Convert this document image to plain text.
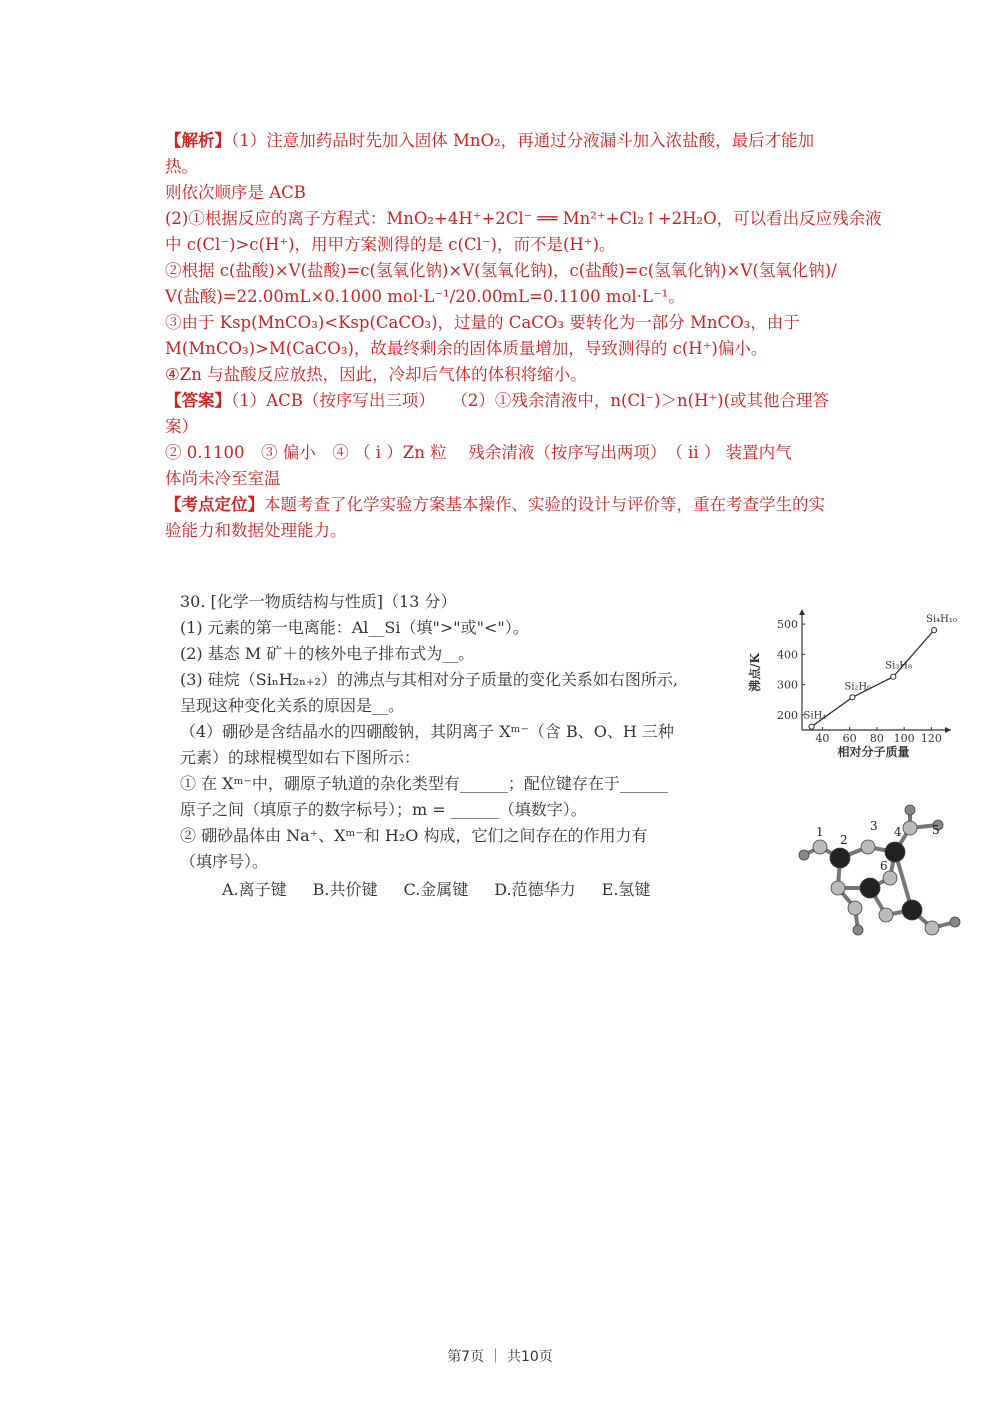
【解析】（1）注意加药品时先加入固体 MnO₂，再通过分液漏斗加入浓盐酸，最后才能加
热。
则依次顺序是 ACB
(2)①根据反应的离子方程式：MnO₂+4H⁺+2Cl⁻ ══ Mn²⁺+Cl₂↑+2H₂O，可以看出反应残余液
中 c(Cl⁻)>c(H⁺)，用甲方案测得的是 c(Cl⁻)，而不是(H⁺)。
②根据 c(盐酸)×V(盐酸)=c(氢氧化钠)×V(氢氧化钠)，c(盐酸)=c(氢氧化钠)×V(氢氧化钠)/
V(盐酸)=22.00mL×0.1000 mol·L⁻¹/20.00mL=0.1100 mol·L⁻¹。
③由于 Ksp(MnCO₃)<Ksp(CaCO₃)，过量的 CaCO₃ 要转化为一部分 MnCO₃，由于
M(MnCO₃)>M(CaCO₃)，故最终剩余的固体质量增加，导致测得的 c(H⁺)偏小。
④Zn 与盐酸反应放热，因此，冷却后气体的体积将缩小。
【答案】（1）ACB（按序写出三项）　　（2）①残余清液中，n(Cl⁻)＞n(H⁺)(或其他合理答
案）
② 0.1100　③ 偏小　④ （ i ）Zn 粒　 残余清液（按序写出两项）　（ ii ） 装置内气
体尚未冷至室温
【考点定位】本题考查了化学实验方案基本操作、实验的设计与评价等，重在考查学生的实
验能力和数据处理能力。
30. [化学一物质结构与性质]（13 分）
(1) 元素的第一电离能：Al__Si（填">"或"<"）。
(2) 基态 M 矿＋的核外电子排布式为__。
(3) 硅烷（SiₙH₂ₙ₊₂）的沸点与其相对分子质量的变化关系如右图所示,
呈现这种变化关系的原因是__。
（4）硼砂是含结晶水的四硼酸钠，其阴离子 Xᵐ⁻（含 B、O、H 三种
元素）的球棍模型如右下图所示：
① 在 Xᵐ⁻中，硼原子轨道的杂化类型有______；配位键存在于______
原子之间（填原子的数字标号）；m = ______（填数字）。
② 硼砂晶体由 Na⁺、Xᵐ⁻和 H₂O 构成，它们之间存在的作用力有
（填序号）。
A.离子键 B.共价键 C.金属键 D.范德华力 E.氢键
40 60 80 100 120
200
300
400
500
相对分子质量
沸点/K
SiH₄
Si₂H₆
Si₃H₈
Si₄H₁₀
1
2
3 4	5
6
第7页 ｜ 共10页
